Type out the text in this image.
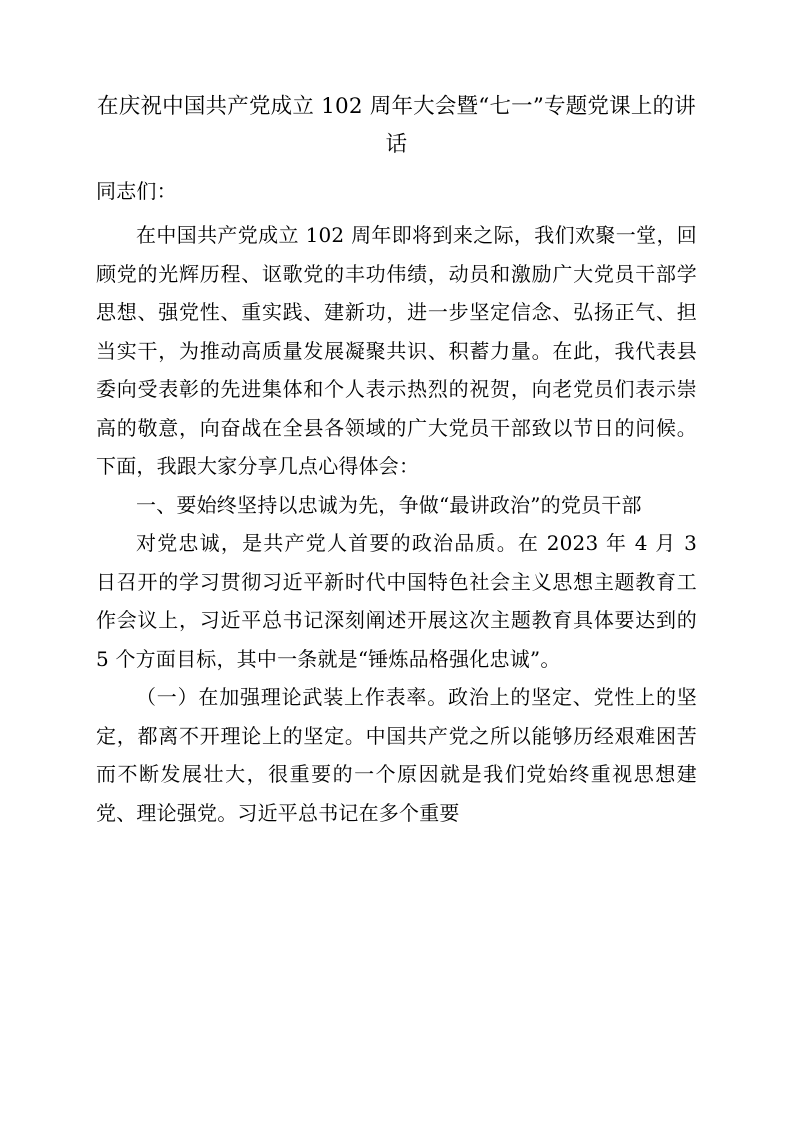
在庆祝中国共产党成立 102 周年大会暨“七一”专题党课上的讲话
同志们：

在中国共产党成立 102 周年即将到来之际，我们欢聚一堂，回顾党的光辉历程、讴歌党的丰功伟绩，动员和激励广大党员干部学思想、强党性、重实践、建新功，进一步坚定信念、弘扬正气、担当实干，为推动高质量发展凝聚共识、积蓄力量。在此，我代表县委向受表彰的先进集体和个人表示热烈的祝贺，向老党员们表示崇高的敬意，向奋战在全县各领域的广大党员干部致以节日的问候。下面，我跟大家分享几点心得体会：

一、要始终坚持以忠诚为先，争做“最讲政治”的党员干部

对党忠诚，是共产党人首要的政治品质。在 2023 年 4 月 3 日召开的学习贯彻习近平新时代中国特色社会主义思想主题教育工作会议上，习近平总书记深刻阐述开展这次主题教育具体要达到的 5 个方面目标，其中一条就是“锤炼品格强化忠诚”。

（一）在加强理论武装上作表率。政治上的坚定、党性上的坚定，都离不开理论上的坚定。中国共产党之所以能够历经艰难困苦而不断发展壮大，很重要的一个原因就是我们党始终重视思想建党、理论强党。习近平总书记在多个重要
